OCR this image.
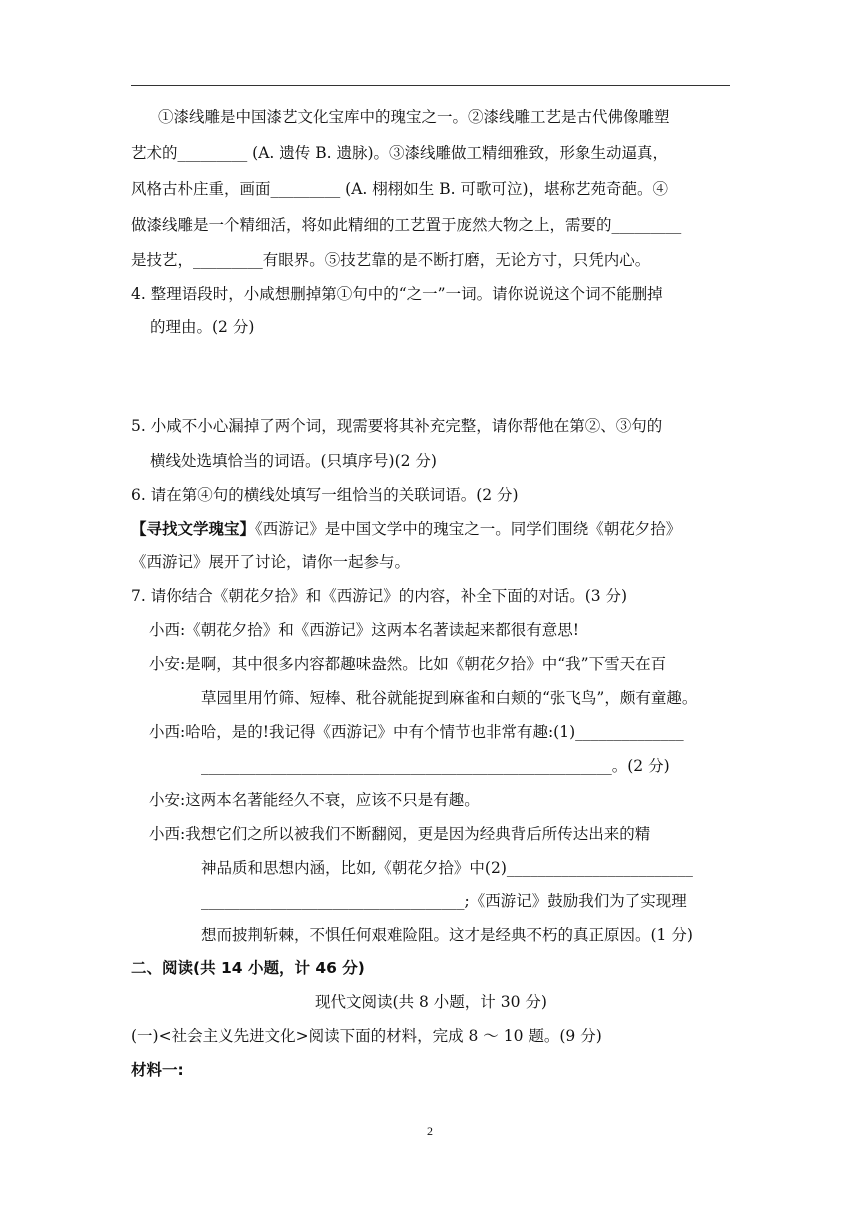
①漆线雕是中国漆艺文化宝库中的瑰宝之一。②漆线雕工艺是古代佛像雕塑
艺术的_________ (A. 遗传 B. 遗脉)。③漆线雕做工精细雅致，形象生动逼真，
风格古朴庄重，画面_________ (A. 栩栩如生 B. 可歌可泣)，堪称艺苑奇葩。④
做漆线雕是一个精细活，将如此精细的工艺置于庞然大物之上，需要的_________
是技艺，_________有眼界。⑤技艺靠的是不断打磨，无论方寸，只凭内心。
4. 整理语段时，小咸想删掉第①句中的“之一”一词。请你说说这个词不能删掉
的理由。(2 分)
5. 小咸不小心漏掉了两个词，现需要将其补充完整，请你帮他在第②、③句的
横线处选填恰当的词语。(只填序号)(2 分)
6. 请在第④句的横线处填写一组恰当的关联词语。(2 分)
【寻找文学瑰宝】《西游记》是中国文学中的瑰宝之一。同学们围绕《朝花夕拾》
《西游记》展开了讨论，请你一起参与。
7. 请你结合《朝花夕拾》和《西游记》的内容，补全下面的对话。(3 分)
小西:《朝花夕拾》和《西游记》这两本名著读起来都很有意思!
小安:是啊，其中很多内容都趣味盎然。比如《朝花夕拾》中“我”下雪天在百
草园里用竹筛、短棒、秕谷就能捉到麻雀和白颊的“张飞鸟”，颇有童趣。
小西:哈哈，是的!我记得《西游记》中有个情节也非常有趣:(1)______________
_____________________________________________________。(2 分)
小安:这两本名著能经久不衰，应该不只是有趣。
小西:我想它们之所以被我们不断翻阅，更是因为经典背后所传达出来的精
神品质和思想内涵，比如,《朝花夕拾》中(2)________________________
__________________________________;《西游记》鼓励我们为了实现理
想而披荆斩棘，不惧任何艰难险阻。这才是经典不朽的真正原因。(1 分)
二、阅读(共 14 小题，计 46 分)
现代文阅读(共 8 小题，计 30 分)
(一)<社会主义先进文化>阅读下面的材料，完成 8 ～ 10 题。(9 分)
材料一:
2
